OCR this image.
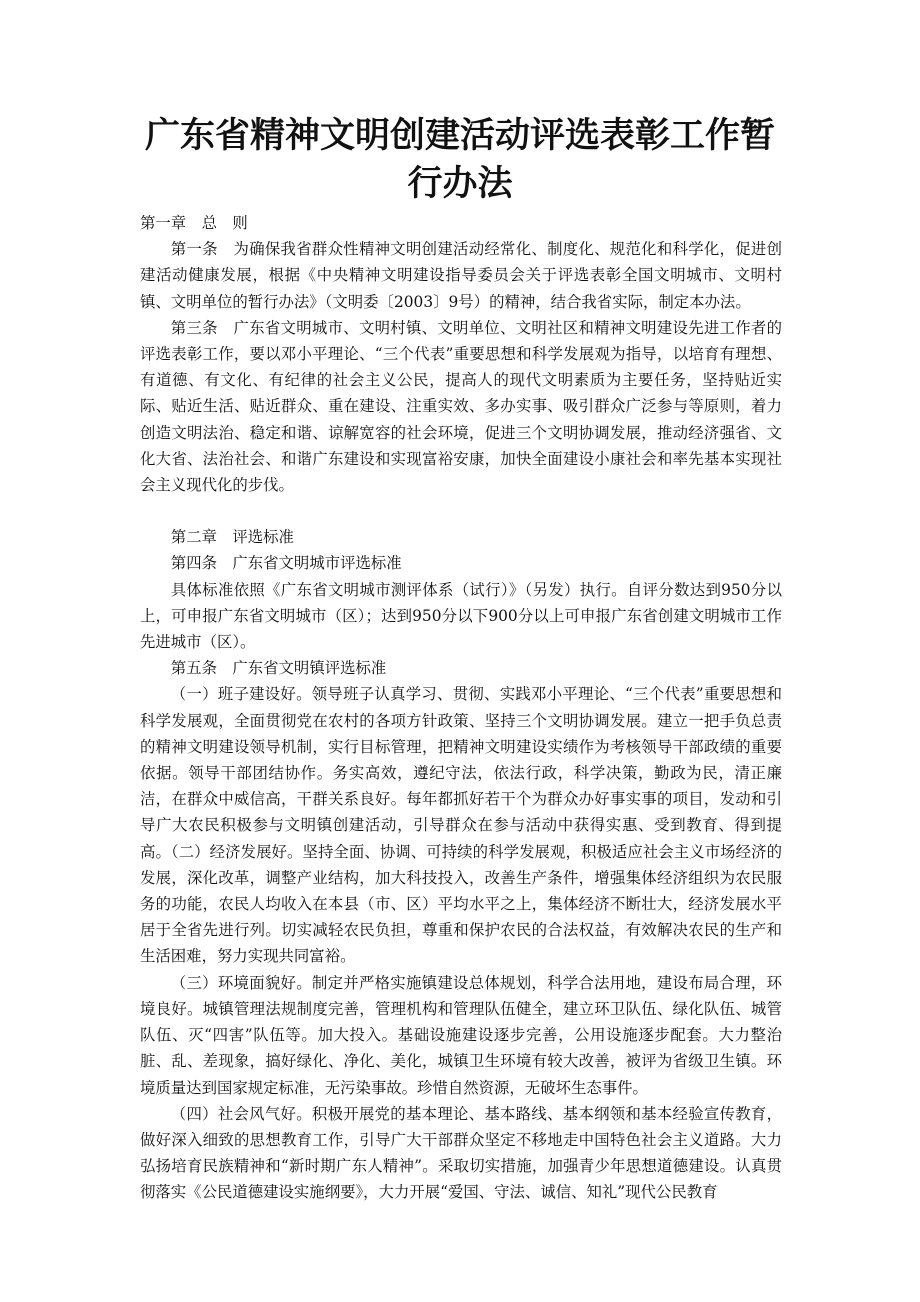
广东省精神文明创建活动评选表彰工作暂行办法

第一章　总　则

第一条　为确保我省群众性精神文明创建活动经常化、制度化、规范化和科学化，促进创建活动健康发展，根据《中央精神文明建设指导委员会关于评选表彰全国文明城市、文明村镇、文明单位的暂行办法》（文明委〔2003〕9号）的精神，结合我省实际，制定本办法。

第三条　广东省文明城市、文明村镇、文明单位、文明社区和精神文明建设先进工作者的评选表彰工作，要以邓小平理论、“三个代表”重要思想和科学发展观为指导，以培育有理想、有道德、有文化、有纪律的社会主义公民，提高人的现代文明素质为主要任务，坚持贴近实际、贴近生活、贴近群众、重在建设、注重实效、多办实事、吸引群众广泛参与等原则，着力创造文明法治、稳定和谐、谅解宽容的社会环境，促进三个文明协调发展，推动经济强省、文化大省、法治社会、和谐广东建设和实现富裕安康，加快全面建设小康社会和率先基本实现社会主义现代化的步伐。

第二章　评选标准

第四条　广东省文明城市评选标准

具体标准依照《广东省文明城市测评体系（试行）》（另发）执行。自评分数达到950分以上，可申报广东省文明城市（区）；达到950分以下900分以上可申报广东省创建文明城市工作先进城市（区）。

第五条　广东省文明镇评选标准

（一）班子建设好。领导班子认真学习、贯彻、实践邓小平理论、“三个代表”重要思想和科学发展观，全面贯彻党在农村的各项方针政策、坚持三个文明协调发展。建立一把手负总责的精神文明建设领导机制，实行目标管理，把精神文明建设实绩作为考核领导干部政绩的重要依据。领导干部团结协作。务实高效，遵纪守法，依法行政，科学决策，勤政为民，清正廉洁，在群众中威信高，干群关系良好。每年都抓好若干个为群众办好事实事的项目，发动和引导广大农民积极参与文明镇创建活动，引导群众在参与活动中获得实惠、受到教育、得到提高。（二）经济发展好。坚持全面、协调、可持续的科学发展观，积极适应社会主义市场经济的发展，深化改革，调整产业结构，加大科技投入，改善生产条件，增强集体经济组织为农民服务的功能，农民人均收入在本县（市、区）平均水平之上，集体经济不断壮大，经济发展水平居于全省先进行列。切实减轻农民负担，尊重和保护农民的合法权益，有效解决农民的生产和生活困难，努力实现共同富裕。

（三）环境面貌好。制定并严格实施镇建设总体规划，科学合法用地，建设布局合理，环境良好。城镇管理法规制度完善，管理机构和管理队伍健全，建立环卫队伍、绿化队伍、城管队伍、灭“四害”队伍等。加大投入。基础设施建设逐步完善，公用设施逐步配套。大力整治脏、乱、差现象，搞好绿化、净化、美化，城镇卫生环境有较大改善，被评为省级卫生镇。环境质量达到国家规定标准，无污染事故。珍惜自然资源，无破坏生态事件。

（四）社会风气好。积极开展党的基本理论、基本路线、基本纲领和基本经验宣传教育，做好深入细致的思想教育工作，引导广大干部群众坚定不移地走中国特色社会主义道路。大力弘扬培育民族精神和“新时期广东人精神”。采取切实措施，加强青少年思想道德建设。认真贯彻落实《公民道德建设实施纲要》，大力开展“爱国、守法、诚信、知礼”现代公民教育
